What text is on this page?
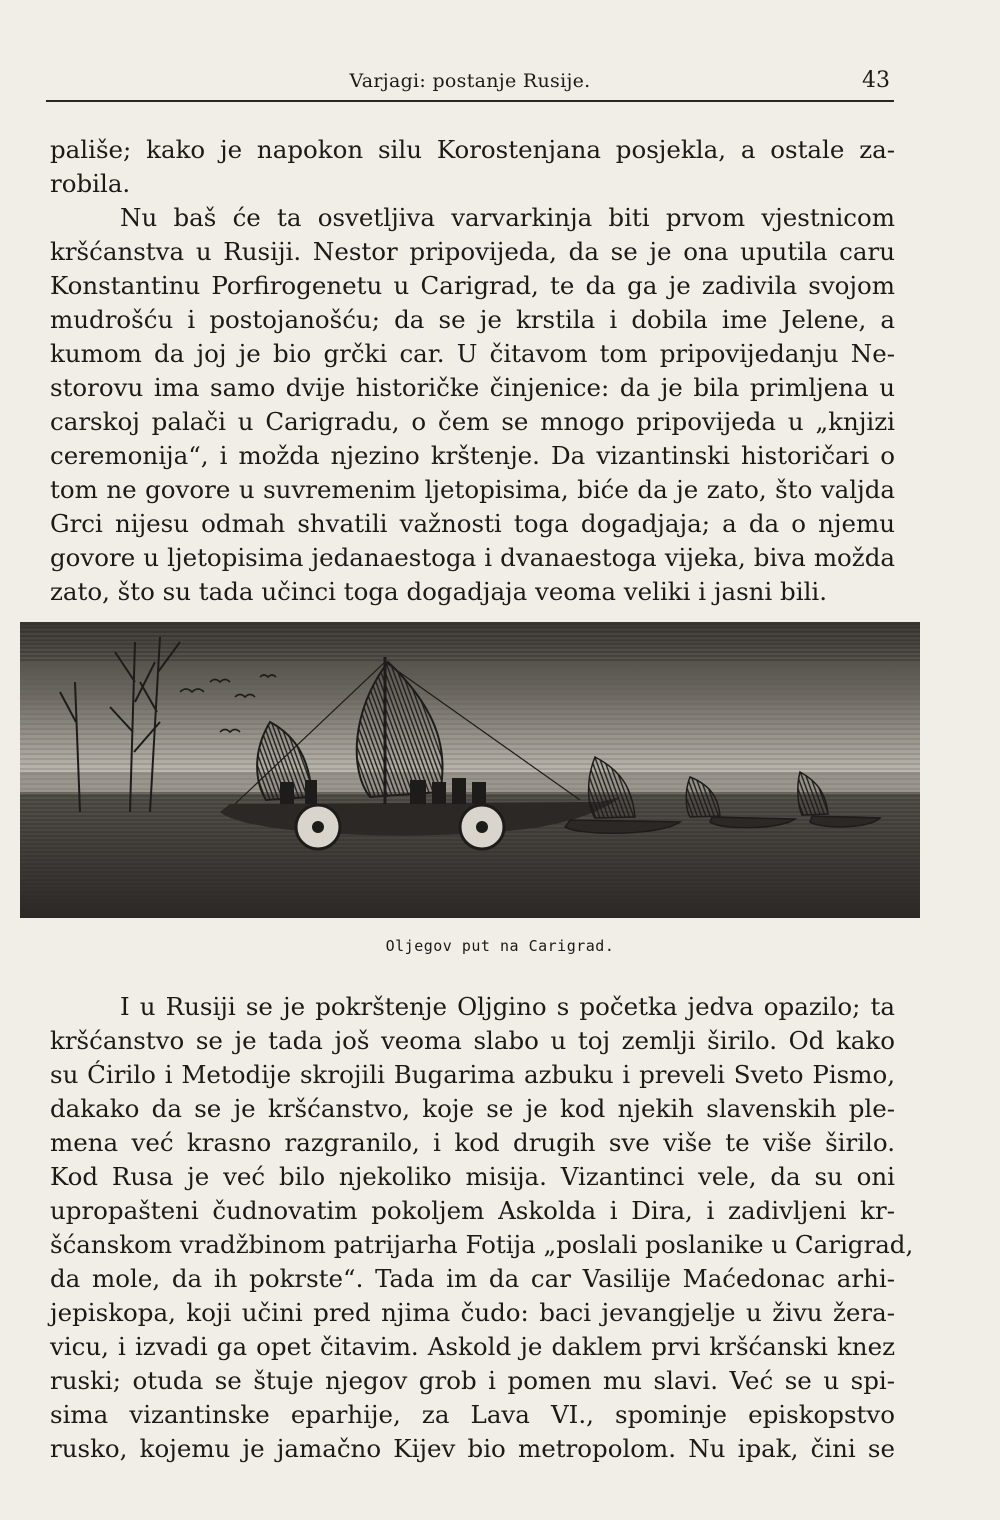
Varjagi: postanje Rusije.	43
pališe; kako je napokon silu Korostenjana posjekla, a ostale za-
robila.
Nu baš će ta osvetljiva varvarkinja biti prvom vjestnicom
kršćanstva u Rusiji. Nestor pripovijeda, da se je ona uputila caru
Konstantinu Porfirogenetu u Carigrad, te da ga je zadivila svojom
mudrošću i postojanošću; da se je krstila i dobila ime Jelene, a
kumom da joj je bio grčki car. U čitavom tom pripovijedanju Ne-
storovu ima samo dvije historičke činjenice: da je bila primljena u
carskoj palači u Carigradu, o čem se mnogo pripovijeda u „knjizi
ceremonija“, i možda njezino krštenje. Da vizantinski historičari o
tom ne govore u suvremenim ljetopisima, biće da je zato, što valjda
Grci nijesu odmah shvatili važnosti toga dogadjaja; a da o njemu
govore u ljetopisima jedanaestoga i dvanaestoga vijeka, biva možda
zato, što su tada učinci toga dogadjaja veoma veliki i jasni bili.
Oljegov put na Carigrad.
I u Rusiji se je pokrštenje Oljgino s početka jedva opazilo; ta
kršćanstvo se je tada još veoma slabo u toj zemlji širilo. Od kako
su Ćirilo i Metodije skrojili Bugarima azbuku i preveli Sveto Pismo,
dakako da se je kršćanstvo, koje se je kod njekih slavenskih ple-
mena već krasno razgranilo, i kod drugih sve više te više širilo.
Kod Rusa je već bilo njekoliko misija. Vizantinci vele, da su oni
upropašteni čudnovatim pokoljem Askolda i Dira, i zadivljeni kr-
šćanskom vradžbinom patrijarha Fotija „poslali poslanike u Carigrad,
da mole, da ih pokrste“. Tada im da car Vasilije Maćedonac arhi-
jepiskopa, koji učini pred njima čudo: baci jevangjelje u živu žera-
vicu, i izvadi ga opet čitavim. Askold je daklem prvi kršćanski knez
ruski; otuda se štuje njegov grob i pomen mu slavi. Već se u spi-
sima vizantinske eparhije, za Lava VI., spominje episkopstvo
rusko, kojemu je jamačno Kijev bio metropolom. Nu ipak, čini se
